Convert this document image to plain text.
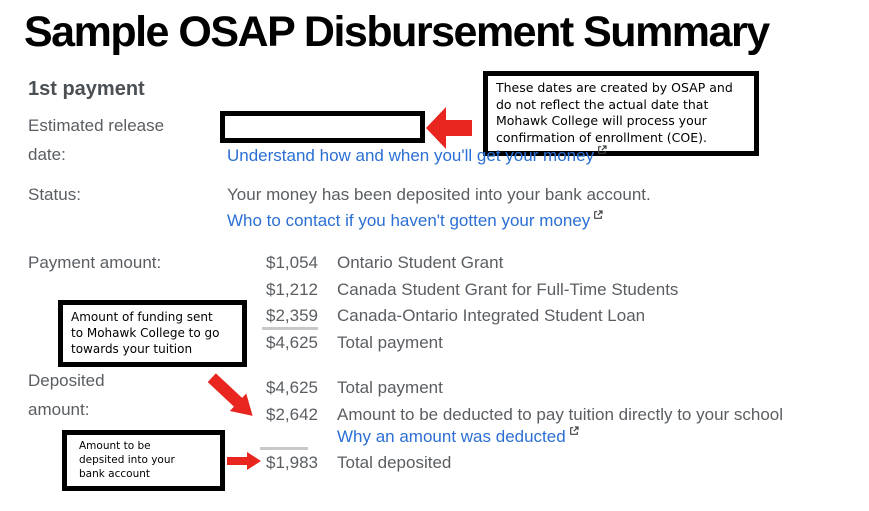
Sample OSAP Disbursement Summary
1st payment
Estimated release
date:
These dates are created by OSAP and
do not reflect the actual date that
Mohawk College will process your
confirmation of enrollment (COE).
Understand how and when you'll get your money
Status:	Your money has been deposited into your bank account.
Who to contact if you haven't gotten your money
Payment amount:	$1,054 Ontario Student Grant
$1,212 Canada Student Grant for Full-Time Students
$2,359 Canada-Ontario Integrated Student Loan
$4,625 Total payment
Amount of funding sent
to Mohawk College to go
towards your tuition
Deposited
amount:
$4,625 Total payment
$2,642 Amount to be deducted to pay tuition directly to your school
Why an amount was deducted
$1,983 Total deposited
Amount to be
depsited into your
bank account
